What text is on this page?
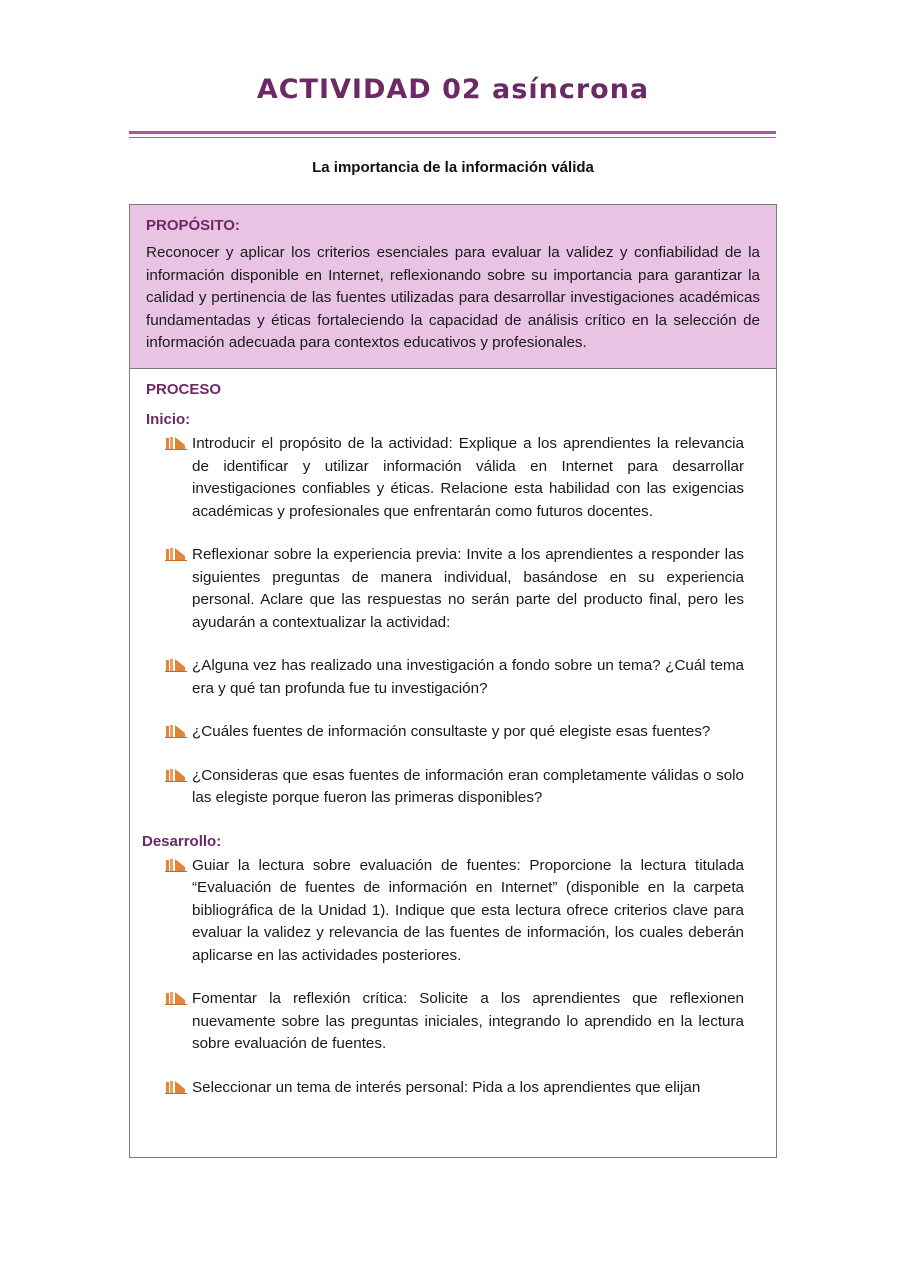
ACTIVIDAD 02 asíncrona

La importancia de la información válida

PROPÓSITO:

Reconocer y aplicar los criterios esenciales para evaluar la validez y confiabilidad de la información disponible en Internet, reflexionando sobre su importancia para garantizar la calidad y pertinencia de las fuentes utilizadas para desarrollar investigaciones académicas fundamentadas y éticas fortaleciendo la capacidad de análisis crítico en la selección de información adecuada para contextos educativos y profesionales.

PROCESO

Inicio:

Introducir el propósito de la actividad: Explique a los aprendientes la relevancia de identificar y utilizar información válida en Internet para desarrollar investigaciones confiables y éticas. Relacione esta habilidad con las exigencias académicas y profesionales que enfrentarán como futuros docentes.
Reflexionar sobre la experiencia previa: Invite a los aprendientes a responder las siguientes preguntas de manera individual, basándose en su experiencia personal. Aclare que las respuestas no serán parte del producto final, pero les ayudarán a contextualizar la actividad:
¿Alguna vez has realizado una investigación a fondo sobre un tema? ¿Cuál tema era y qué tan profunda fue tu investigación?
¿Cuáles fuentes de información consultaste y por qué elegiste esas fuentes?
¿Consideras que esas fuentes de información eran completamente válidas o solo las elegiste porque fueron las primeras disponibles?

Desarrollo:

Guiar la lectura sobre evaluación de fuentes: Proporcione la lectura titulada “Evaluación de fuentes de información en Internet” (disponible en la carpeta bibliográfica de la Unidad 1). Indique que esta lectura ofrece criterios clave para evaluar la validez y relevancia de las fuentes de información, los cuales deberán aplicarse en las actividades posteriores.
Fomentar la reflexión crítica: Solicite a los aprendientes que reflexionen nuevamente sobre las preguntas iniciales, integrando lo aprendido en la lectura sobre evaluación de fuentes.
Seleccionar un tema de interés personal: Pida a los aprendientes que elijan
